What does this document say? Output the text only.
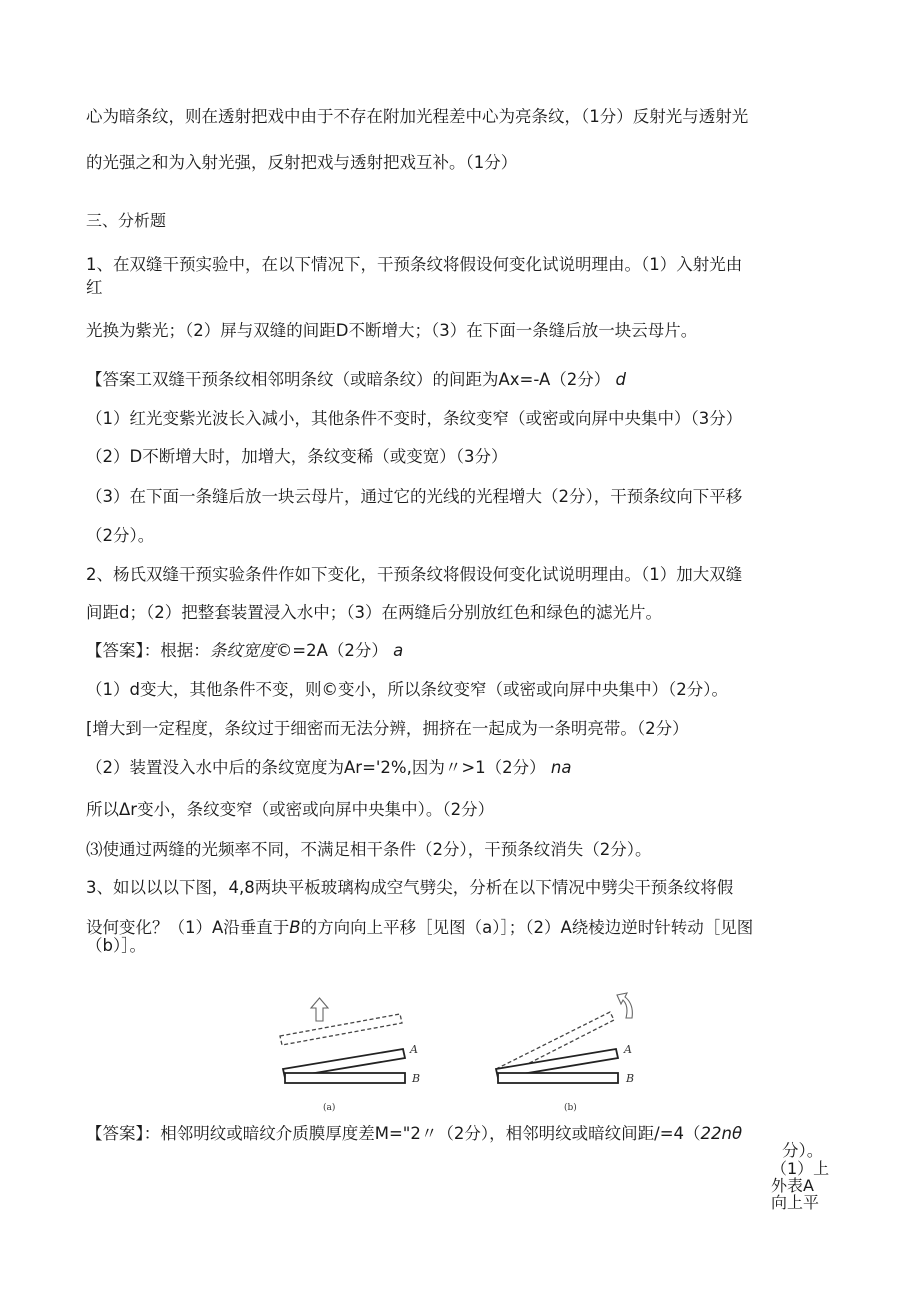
心为暗条纹，则在透射把戏中由于不存在附加光程差中心为亮条纹，（1分）反射光与透射光
的光强之和为入射光强，反射把戏与透射把戏互补。（1分）
三、分析题
1、在双缝干预实验中，在以下情况下，干预条纹将假设何变化试说明理由。（1）入射光由
红
光换为紫光；（2）屏与双缝的间距D不断增大；（3）在下面一条缝后放一块云母片。
【答案工双缝干预条纹相邻明条纹（或暗条纹）的间距为Ax=-A（2分） d
（1）红光变紫光波长入减小，其他条件不变时，条纹变窄（或密或向屏中央集中）（3分）
（2）D不断增大时，加增大，条纹变稀（或变宽）（3分）
（3）在下面一条缝后放一块云母片，通过它的光线的光程增大（2分），干预条纹向下平移
（2分）。
2、杨氏双缝干预实验条件作如下变化，干预条纹将假设何变化试说明理由。（1）加大双缝
间距d；（2）把整套装置浸入水中；（3）在两缝后分别放红色和绿色的滤光片。
【答案】：根据：条纹宽度©=2A（2分） a
（1）d变大，其他条件不变，则©变小，所以条纹变窄（或密或向屏中央集中）（2分）。
[增大到一定程度，条纹过于细密而无法分辨，拥挤在一起成为一条明亮带。（2分）
（2）装置没入水中后的条纹宽度为Ar='2%,因为〃>1（2分） na
所以Δr变小，条纹变窄（或密或向屏中央集中）。（2分）
⑶使通过两缝的光频率不同，不满足相干条件（2分），干预条纹消失（2分）。
3、如以以以下图，4,8两块平板玻璃构成空气劈尖，分析在以下情况中劈尖干预条纹将假
设何变化？（1）A沿垂直于B的方向向上平移［见图（a）］；（2）A绕棱边逆时针转动［见图
（b）］。
A
B
(a)
A
B
(b)
【答案】：相邻明纹或暗纹介质膜厚度差M="2〃（2分），相邻明纹或暗纹间距/=4（22nθ
分）。
（1）上
外表A
向上平
